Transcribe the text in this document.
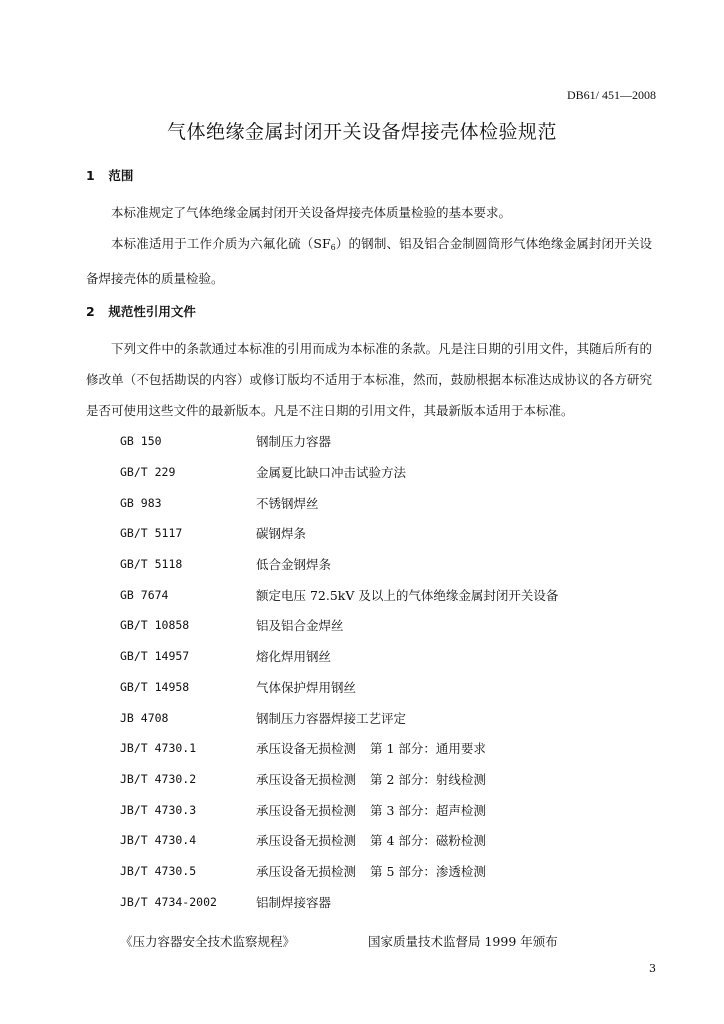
DB61/ 451—2008
气体绝缘金属封闭开关设备焊接壳体检验规范
1 范围
本标准规定了气体绝缘金属封闭开关设备焊接壳体质量检验的基本要求。
本标准适用于工作介质为六氟化硫$(SF_6)$的钢制、铝及铝合金制圆筒形气体绝缘金属封闭开关设备焊接壳体的质量检验。
2 规范性引用文件
下列文件中的条款通过本标准的引用而成为本标准的条款。凡是注日期的引用文件，其随后所有的修改单（不包括勘误的内容）或修订版均不适用于本标准，然而，鼓励根据本标准达成协议的各方研究是否可使用这些文件的最新版本。凡是不注日期的引用文件，其最新版本适用于本标准。
GB 150	钢制压力容器
GB/T 229	金属夏比缺口冲击试验方法
GB 983	不锈钢焊丝
GB/T 5117	碳钢焊条
GB/T 5118	低合金钢焊条
GB 7674	额定电压 72.5kV 及以上的气体绝缘金属封闭开关设备
GB/T 10858	铝及铝合金焊丝
GB/T 14957	熔化焊用钢丝
GB/T 14958	气体保护焊用钢丝
JB 4708	钢制压力容器焊接工艺评定
JB/T 4730.1	承压设备无损检测 第 1 部分：通用要求
JB/T 4730.2	承压设备无损检测 第 2 部分：射线检测
JB/T 4730.3	承压设备无损检测 第 3 部分：超声检测
JB/T 4730.4	承压设备无损检测 第 4 部分：磁粉检测
JB/T 4730.5	承压设备无损检测 第 5 部分：渗透检测
JB/T 4734-2002	铝制焊接容器
《压力容器安全技术监察规程》	国家质量技术监督局 1999 年颁布
3
